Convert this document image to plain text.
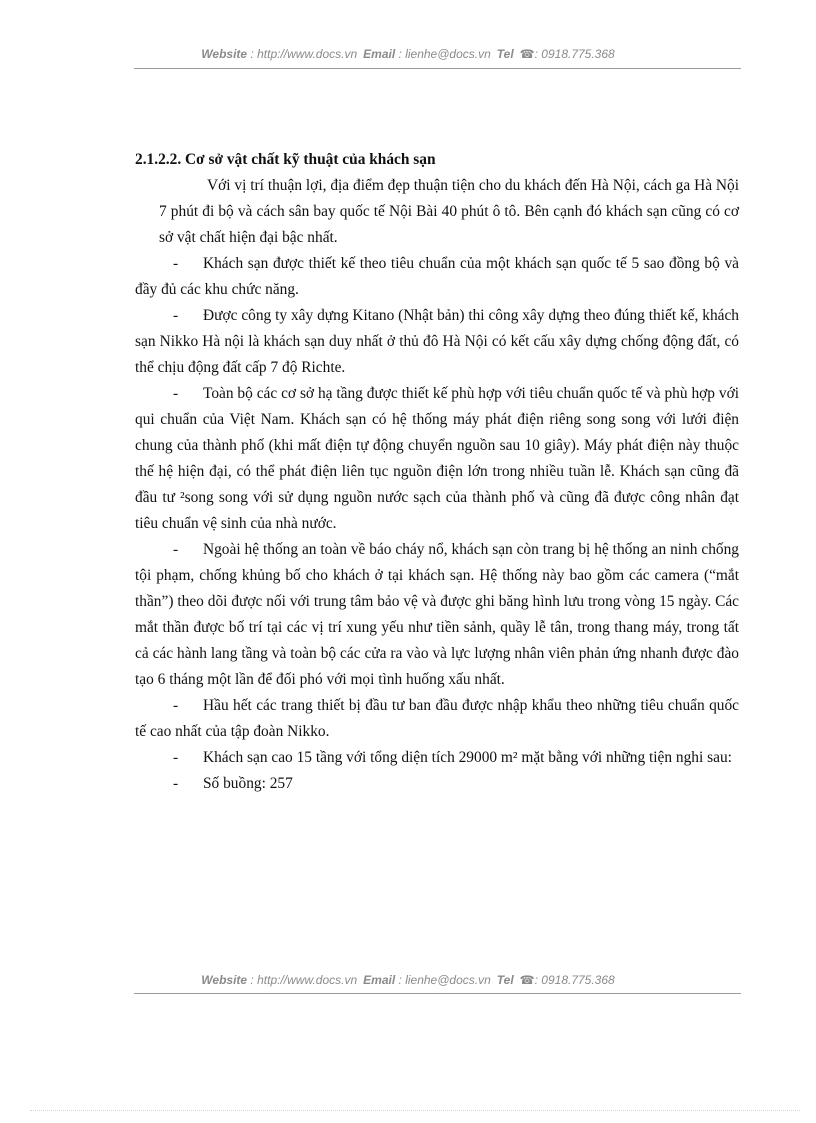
Website : http://www.docs.vn Email : lienhe@docs.vn Tel ☎: 0918.775.368

2.1.2.2. Cơ sở vật chất kỹ thuật của khách sạn

Với vị trí thuận lợi, địa điểm đẹp thuận tiện cho du khách đến Hà Nội, cách ga Hà Nội 7 phút đi bộ và cách sân bay quốc tế Nội Bài 40 phút ô tô. Bên cạnh đó khách sạn cũng có cơ sở vật chất hiện đại bậc nhất.

- Khách sạn được thiết kế theo tiêu chuẩn của một khách sạn quốc tế 5 sao đồng bộ và đầy đủ các khu chức năng.

- Được công ty xây dựng Kitano (Nhật bản) thi công xây dựng theo đúng thiết kế, khách sạn Nikko Hà nội là khách sạn duy nhất ở thủ đô Hà Nội có kết cấu xây dựng chống động đất, có thể chịu động đất cấp 7 độ Richte.

- Toàn bộ các cơ sở hạ tầng được thiết kế phù hợp với tiêu chuẩn quốc tế và phù hợp với qui chuẩn của Việt Nam. Khách sạn có hệ thống máy phát điện riêng song song với lưới điện chung của thành phố (khi mất điện tự động chuyển nguồn sau 10 giây). Máy phát điện này thuộc thế hệ hiện đại, có thể phát điện liên tục nguồn điện lớn trong nhiều tuần lễ. Khách sạn cũng đã đầu tư ²song song với sử dụng nguồn nước sạch của thành phố và cũng đã được công nhân đạt tiêu chuẩn vệ sinh của nhà nước.

- Ngoài hệ thống an toàn về báo cháy nổ, khách sạn còn trang bị hệ thống an ninh chống tội phạm, chống khủng bố cho khách ở tại khách sạn. Hệ thống này bao gồm các camera (“mắt thần”) theo dõi được nối với trung tâm bảo vệ và được ghi băng hình lưu trong vòng 15 ngày. Các mắt thần được bố trí tại các vị trí xung yếu như tiền sảnh, quầy lễ tân, trong thang máy, trong tất cả các hành lang tầng và toàn bộ các cửa ra vào và lực lượng nhân viên phản ứng nhanh được đào tạo 6 tháng một lần để đối phó với mọi tình huống xấu nhất.

- Hầu hết các trang thiết bị đầu tư ban đầu được nhập khẩu theo những tiêu chuẩn quốc tế cao nhất của tập đoàn Nikko.

- Khách sạn cao 15 tầng với tổng diện tích 29000 m² mặt bằng với những tiện nghi sau:

- Số buồng: 257

Website : http://www.docs.vn Email : lienhe@docs.vn Tel ☎: 0918.775.368
